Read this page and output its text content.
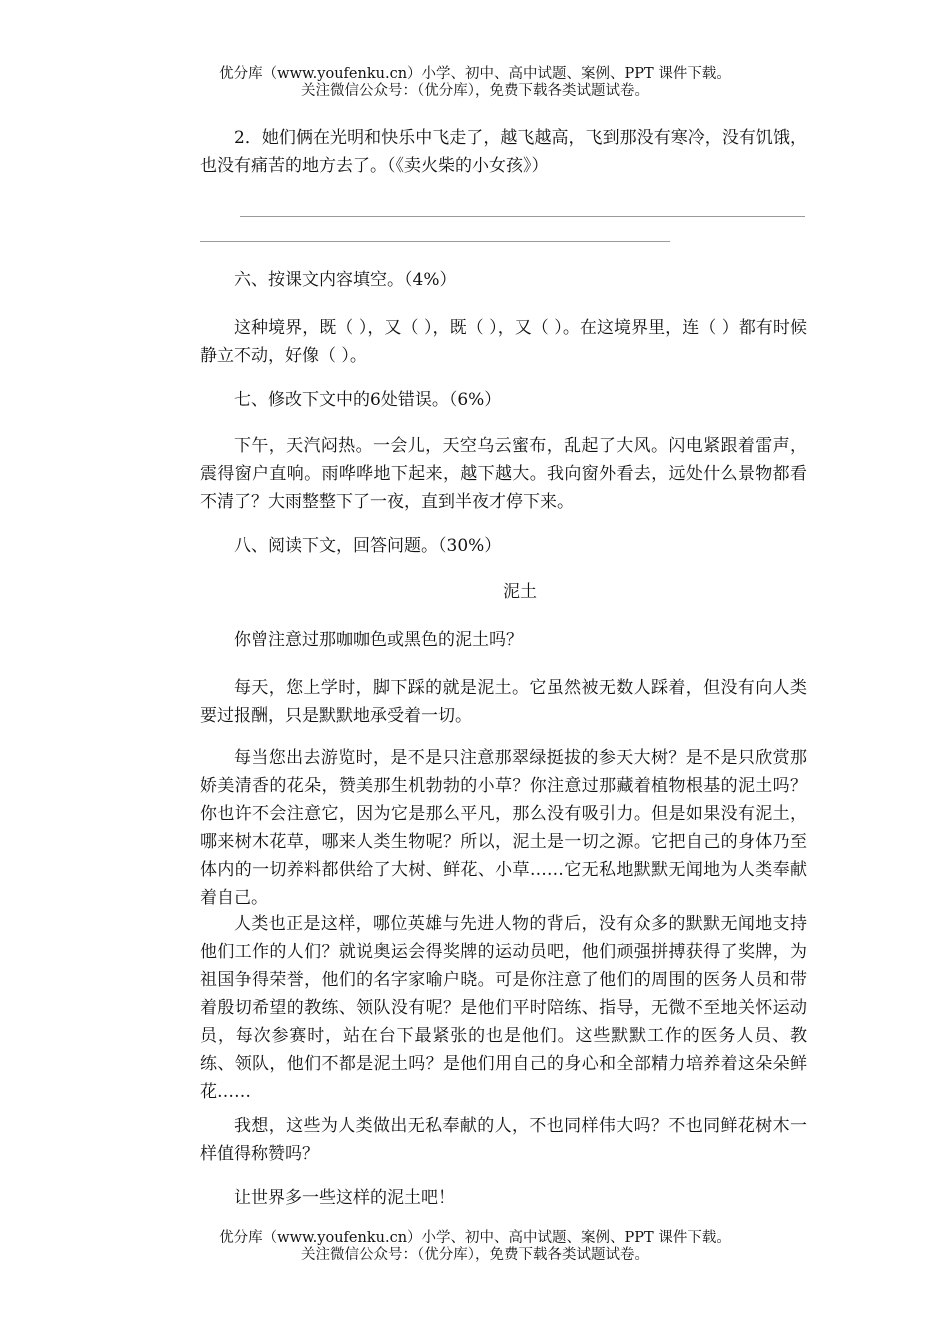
优分库（www.youfenku.cn）小学、初中、高中试题、案例、PPT 课件下载。
关注微信公众号：（优分库），免费下载各类试题试卷。

2．她们俩在光明和快乐中飞走了，越飞越高，飞到那没有寒冷，没有饥饿，也没有痛苦的地方去了。（《卖火柴的小女孩》）

六、按课文内容填空。（4%）

这种境界，既（ ），又（ ），既（ ），又（ ）。在这境界里，连（ ）都有时候静立不动，好像（ ）。

七、修改下文中的6处错误。（6%）

下午，天汽闷热。一会儿，天空乌云蜜布，乱起了大风。闪电紧跟着雷声，震得窗户直响。雨哗哗地下起来，越下越大。我向窗外看去，远处什么景物都看不清了？大雨整整下了一夜，直到半夜才停下来。

八、阅读下文，回答问题。（30%）

泥土

你曾注意过那咖咖色或黑色的泥土吗？

每天，您上学时，脚下踩的就是泥土。它虽然被无数人踩着，但没有向人类要过报酬，只是默默地承受着一切。

每当您出去游览时，是不是只注意那翠绿挺拔的参天大树？是不是只欣赏那娇美清香的花朵，赞美那生机勃勃的小草？你注意过那藏着植物根基的泥土吗？你也许不会注意它，因为它是那么平凡，那么没有吸引力。但是如果没有泥土，哪来树木花草，哪来人类生物呢？所以，泥土是一切之源。它把自己的身体乃至体内的一切养料都供给了大树、鲜花、小草……它无私地默默无闻地为人类奉献着自己。

人类也正是这样，哪位英雄与先进人物的背后，没有众多的默默无闻地支持他们工作的人们？就说奥运会得奖牌的运动员吧，他们顽强拼搏获得了奖牌，为祖国争得荣誉，他们的名字家喻户晓。可是你注意了他们的周围的医务人员和带着殷切希望的教练、领队没有呢？是他们平时陪练、指导，无微不至地关怀运动员，每次参赛时，站在台下最紧张的也是他们。这些默默工作的医务人员、教练、领队，他们不都是泥土吗？是他们用自己的身心和全部精力培养着这朵朵鲜花……

我想，这些为人类做出无私奉献的人，不也同样伟大吗？不也同鲜花树木一样值得称赞吗？

让世界多一些这样的泥土吧！

优分库（www.youfenku.cn）小学、初中、高中试题、案例、PPT 课件下载。
关注微信公众号：（优分库），免费下载各类试题试卷。
